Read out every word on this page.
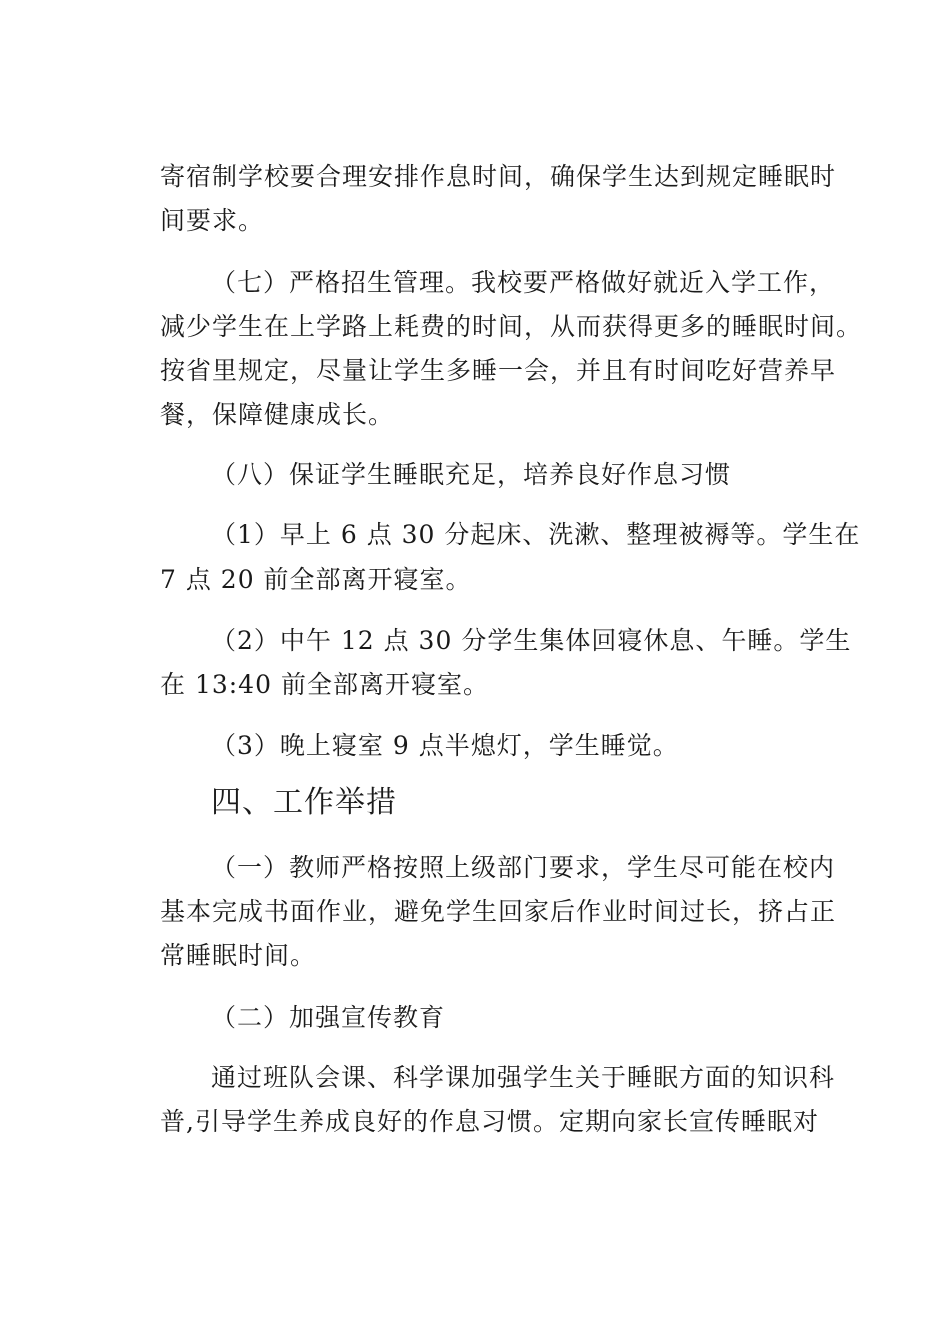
寄宿制学校要合理安排作息时间，确保学生达到规定睡眠时
间要求。
（七）严格招生管理。我校要严格做好就近入学工作，
减少学生在上学路上耗费的时间，从而获得更多的睡眠时间。
按省里规定，尽量让学生多睡一会，并且有时间吃好营养早
餐，保障健康成长。
（八）保证学生睡眠充足，培养良好作息习惯
（1）早上 6 点 30 分起床、洗漱、整理被褥等。学生在
7 点 20 前全部离开寝室。
（2）中午 12 点 30 分学生集体回寝休息、午睡。学生
在 13:40 前全部离开寝室。
（3）晚上寝室 9 点半熄灯，学生睡觉。
四、工作举措
（一）教师严格按照上级部门要求，学生尽可能在校内
基本完成书面作业，避免学生回家后作业时间过长，挤占正
常睡眠时间。
（二）加强宣传教育
通过班队会课、科学课加强学生关于睡眠方面的知识科
普,引导学生养成良好的作息习惯。定期向家长宣传睡眠对
